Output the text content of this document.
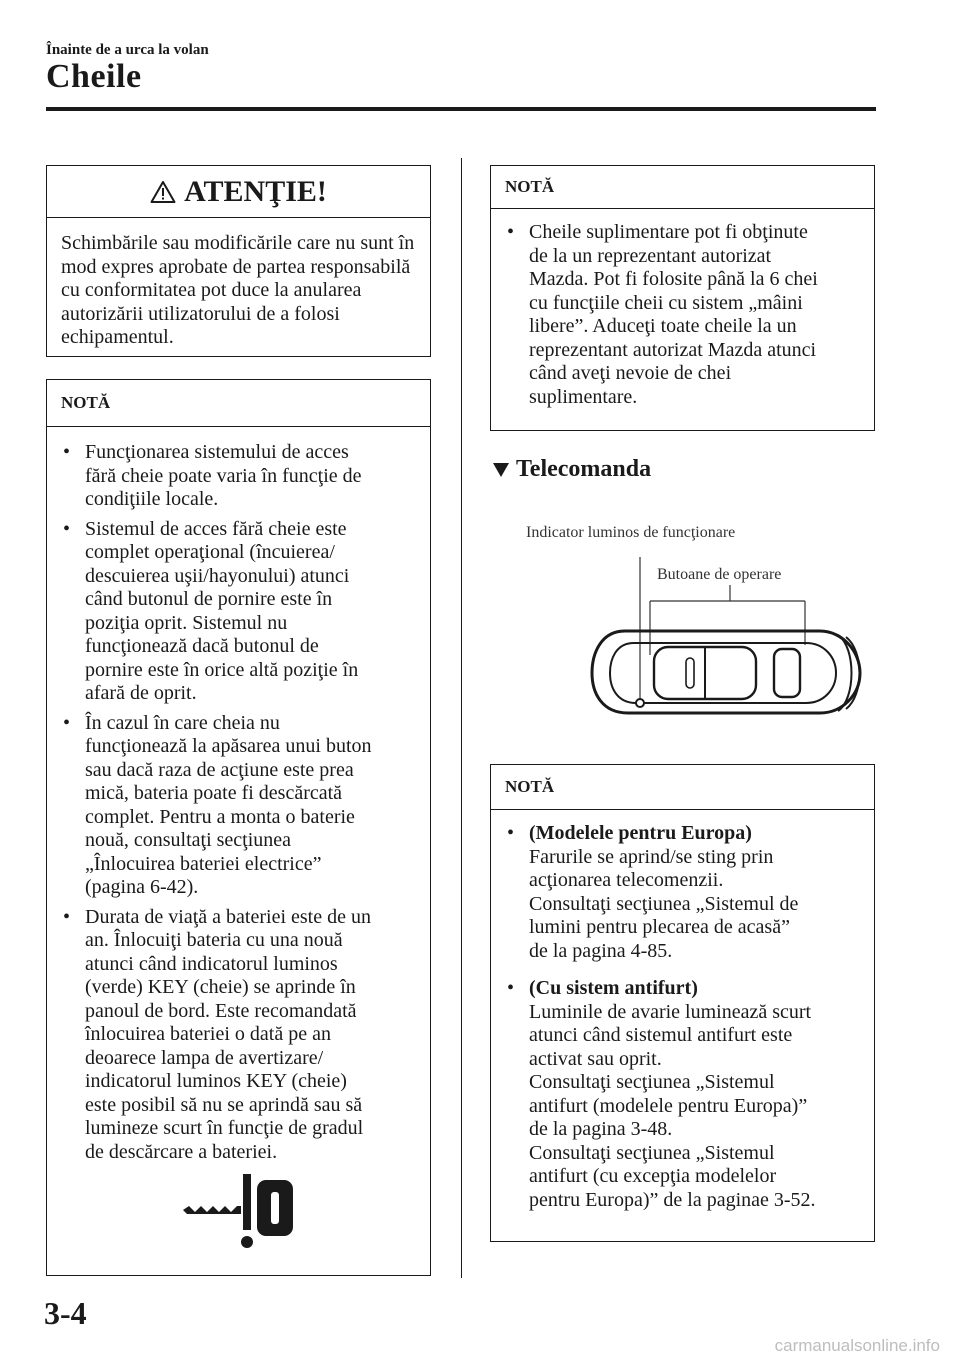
Înainte de a urca la volan
Cheile
ATENŢIE!
Schimbările sau modificările care nu sunt în mod expres aprobate de partea responsabilă cu conformitatea pot duce la anularea autorizării utilizatorului de a folosi echipamentul.
NOTĂ
• Funcţionarea sistemului de acces
fără cheie poate varia în funcţie de
condiţiile locale.
• Sistemul de acces fără cheie este
complet operaţional (încuierea/
descuierea uşii/hayonului) atunci
când butonul de pornire este în
poziţia oprit. Sistemul nu
funcţionează dacă butonul de
pornire este în orice altă poziţie în
afară de oprit.
• În cazul în care cheia nu
funcţionează la apăsarea unui buton
sau dacă raza de acţiune este prea
mică, bateria poate fi descărcată
complet. Pentru a monta o baterie
nouă, consultaţi secţiunea
„Înlocuirea bateriei electrice”
(pagina 6-42).
• Durata de viaţă a bateriei este de un
an. Înlocuiţi bateria cu una nouă
atunci când indicatorul luminos
(verde) KEY (cheie) se aprinde în
panoul de bord. Este recomandată
înlocuirea bateriei o dată pe an
deoarece lampa de avertizare/
indicatorul luminos KEY (cheie)
este posibil să nu se aprindă sau să
lumineze scurt în funcţie de gradul
de descărcare a bateriei.
NOTĂ
• Cheile suplimentare pot fi obţinute
de la un reprezentant autorizat
Mazda. Pot fi folosite până la 6 chei
cu funcţiile cheii cu sistem „mâini
libere”. Aduceţi toate cheile la un
reprezentant autorizat Mazda atunci
când aveţi nevoie de chei
suplimentare.
Telecomanda
Indicator luminos de funcţionare
Butoane de operare
NOTĂ
• (Modelele pentru Europa)
Farurile se aprind/se sting prin
acţionarea telecomenzii.
Consultaţi secţiunea „Sistemul de
lumini pentru plecarea de acasă”
de la pagina 4-85.
• (Cu sistem antifurt)
Luminile de avarie luminează scurt
atunci când sistemul antifurt este
activat sau oprit.
Consultaţi secţiunea „Sistemul
antifurt (modelele pentru Europa)”
de la pagina 3-48.
Consultaţi secţiunea „Sistemul
antifurt (cu excepţia modelelor
pentru Europa)” de la paginae 3-52.
3-4
carmanualsonline.info
